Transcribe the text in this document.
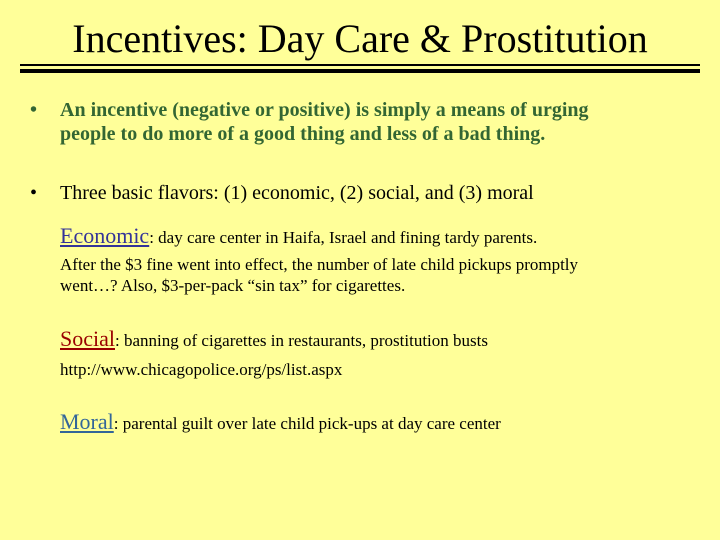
Incentives: Day Care & Prostitution
• An incentive (negative or positive) is simply a means of urging
people to do more of a good thing and less of a bad thing.
• Three basic flavors: (1) economic, (2) social, and (3) moral
Economic: day care center in Haifa, Israel and fining tardy parents.
After the $3 fine went into effect, the number of late child pickups promptly
went…? Also, $3-per-pack “sin tax” for cigarettes.
Social: banning of cigarettes in restaurants, prostitution busts
http://www.chicagopolice.org/ps/list.aspx
Moral: parental guilt over late child pick-ups at day care center
